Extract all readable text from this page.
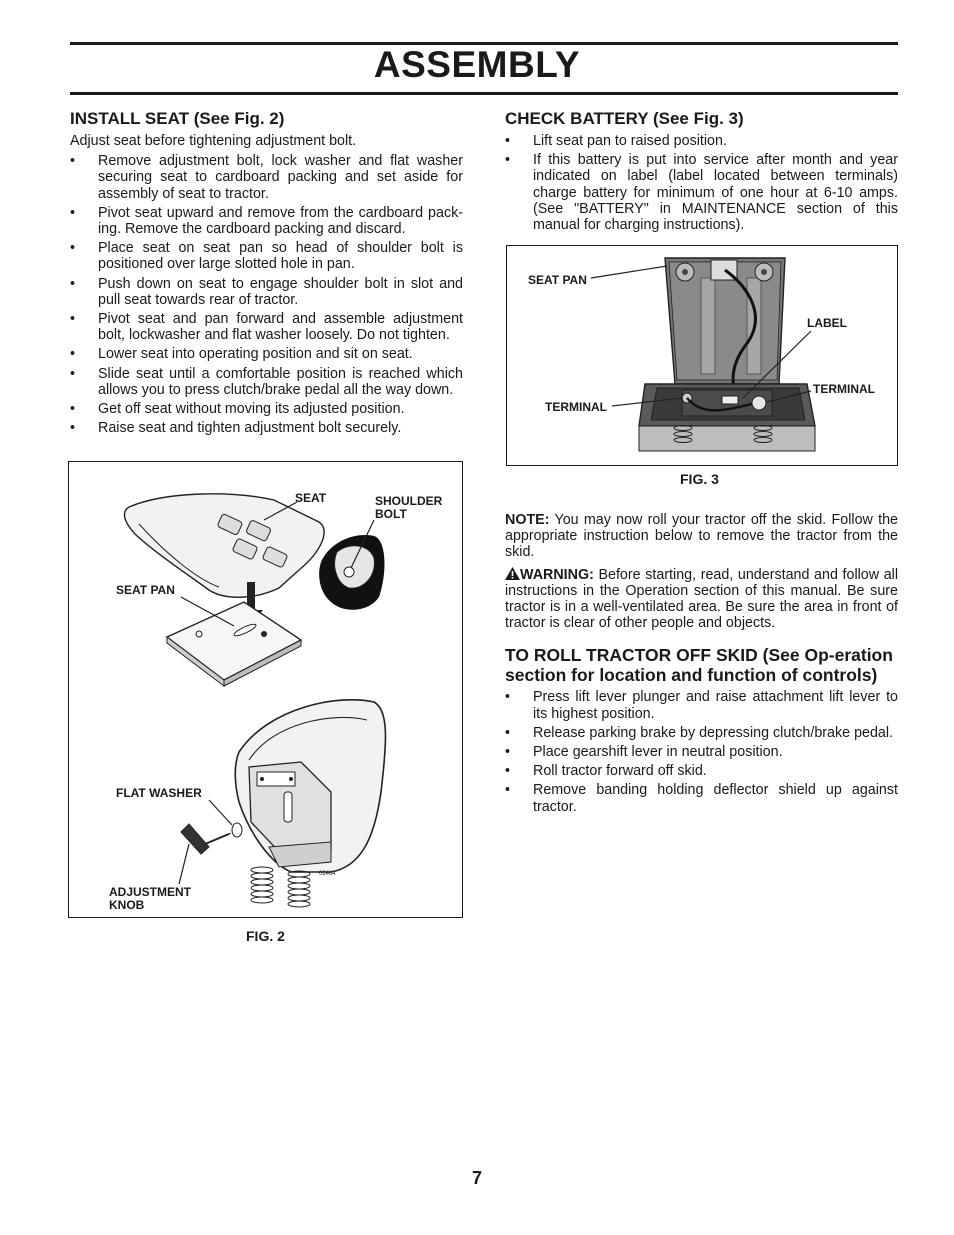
ASSEMBLY
INSTALL SEAT (See Fig. 2)

Adjust seat before tightening adjustment bolt.

• Remove adjustment bolt, lock washer and flat washer securing seat to cardboard packing and set aside for assembly of seat to tractor.
• Pivot seat upward and remove from the cardboard pack-ing. Remove the cardboard packing and discard.
• Place seat on seat pan so head of shoulder bolt is positioned over large slotted hole in pan.
• Push down on seat to engage shoulder bolt in slot and pull seat towards rear of tractor.
• Pivot seat and pan forward and assemble adjustment bolt, lockwasher and flat washer loosely. Do not tighten.
• Lower seat into operating position and sit on seat.
• Slide seat until a comfortable position is reached which allows you to press clutch/brake pedal all the way down.
• Get off seat without moving its adjusted position.
• Raise seat and tighten adjustment bolt securely.
SEAT	SHOULDER BOLT
SEAT PAN
FLAT WASHER
ADJUSTMENT KNOB
02464
FIG. 2
CHECK BATTERY (See Fig. 3)
• Lift seat pan to raised position.
• If this battery is put into service after month and year indicated on label (label located between terminals) charge battery for minimum of one hour at 6-10 amps. (See "BATTERY" in MAINTENANCE section of this manual for charging instructions).
SEAT PAN
LABEL
TERMINAL
TERMINAL
FIG. 3

NOTE: You may now roll your tractor off the skid. Follow the appropriate instruction below to remove the tractor from the skid.

WARNING: Before starting, read, understand and follow all instructions in the Operation section of this manual. Be sure tractor is in a well-ventilated area. Be sure the area in front of tractor is clear of other people and objects.

TO ROLL TRACTOR OFF SKID (See Op-eration section for location and function of controls)
• Press lift lever plunger and raise attachment lift lever to its highest position.
• Release parking brake by depressing clutch/brake pedal.
• Place gearshift lever in neutral position.
• Roll tractor forward off skid.
• Remove banding holding deflector shield up against tractor.
7
